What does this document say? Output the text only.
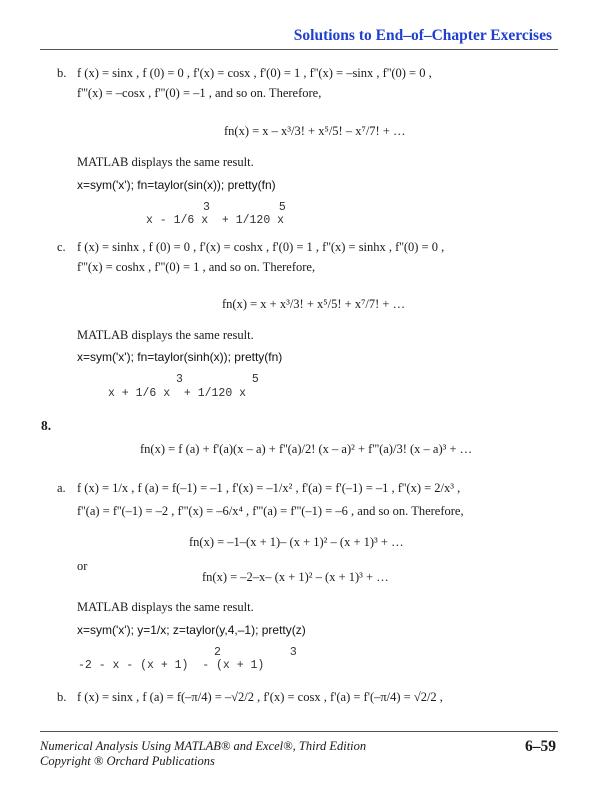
Solutions to End–of–Chapter Exercises
b. f (x) = sinx , f (0) = 0 , f'(x) = cosx , f'(0) = 1 , f''(x) = –sinx , f''(0) = 0 ,
f'''(x) = –cosx , f'''(0) = –1 , and so on. Therefore,
fn(x) = x – x³/3! + x⁵/5! – x⁷/7! + …
MATLAB displays the same result.
x=sym('x'); fn=taylor(sin(x)); pretty(fn)
3          5
x - 1/6 x  + 1/120 x
c. f (x) = sinhx , f (0) = 0 , f'(x) = coshx , f'(0) = 1 , f''(x) = sinhx , f''(0) = 0 ,
f'''(x) = coshx , f'''(0) = 1 , and so on. Therefore,
fn(x) = x + x³/3! + x⁵/5! + x⁷/7! + …
MATLAB displays the same result.
x=sym('x'); fn=taylor(sinh(x)); pretty(fn)
3          5
x + 1/6 x  + 1/120 x
8.
fn(x) = f (a) + f'(a)(x – a) + f''(a)/2! (x – a)² + f'''(a)/3! (x – a)³ + …
a. f (x) = 1/x , f (a) = f(–1) = –1 , f'(x) = –1/x² , f'(a) = f'(–1) = –1 , f''(x) = 2/x³ ,
f''(a) = f''(–1) = –2 , f'''(x) = –6/x⁴ , f'''(a) = f'''(–1) = –6 , and so on. Therefore,
fn(x) = –1–(x + 1)– (x + 1)² – (x + 1)³ + …
or
fn(x) = –2–x– (x + 1)² – (x + 1)³ + …
MATLAB displays the same result.
x=sym('x'); y=1/x; z=taylor(y,4,–1); pretty(z)
2          3
-2 - x - (x + 1)  - (x + 1)
b. f (x) = sinx , f (a) = f(–π/4) = –√2/2 , f'(x) = cosx , f'(a) = f'(–π/4) = √2/2 ,
Numerical Analysis Using MATLAB® and Excel®, Third Edition
Copyright ® Orchard Publications
6–59
